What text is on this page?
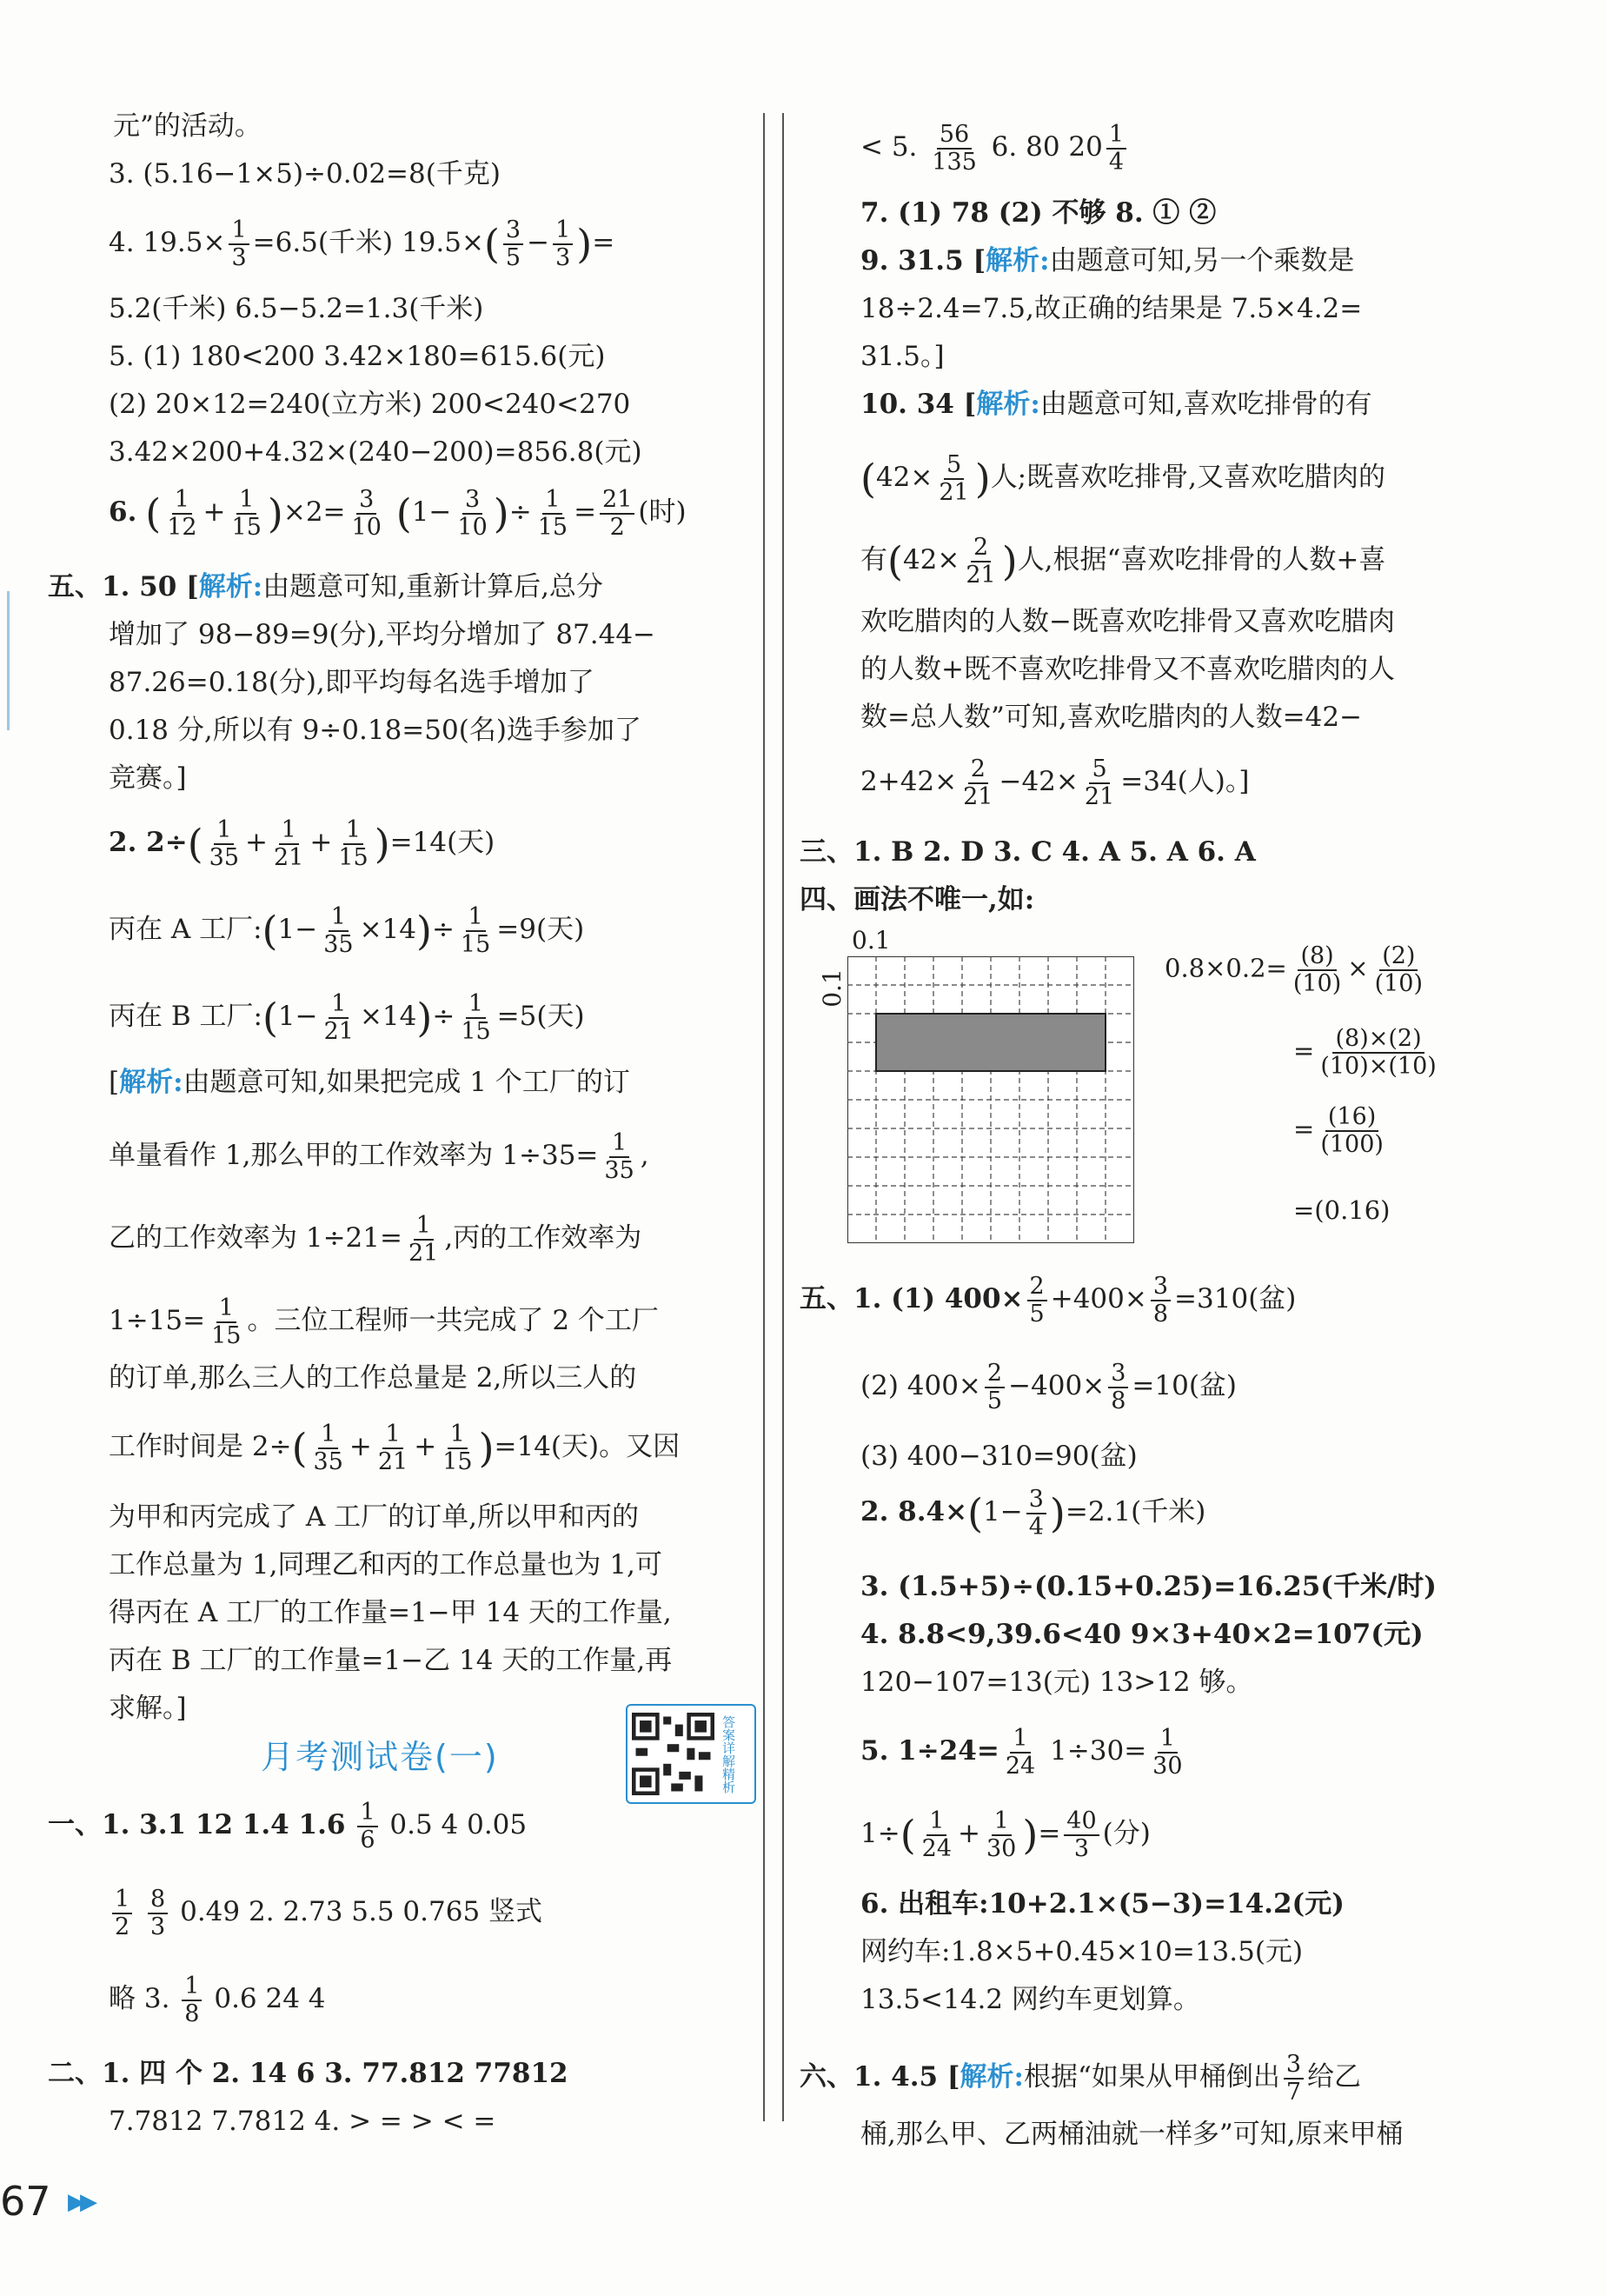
元”的活动。
3. (5.16−1×5)÷0.02=8(千克)
4. $19.5\times \frac{1}{3} =6.5$(千米) $19.5\times( \frac{3}{5} - \frac{1}{3}$ )=
5.2(千米) 6.5−5.2=1.3(千米)
5. (1) 180<200 3.42×180=615.6(元)
(2) 20×12=240(立方米) 200<240<270
3.42×200+4.32×(240−200)=856.8(元)
6. ( $\frac{1}{12} + \frac{1}{15} )\times 2= \frac{3}{10} (1- \frac{3}{10}$ )÷ $\frac{1}{15} = \frac{21}{2}$ (时)
五、1. 50 [解析:由题意可知,重新计算后,总分
增加了 98−89=9(分),平均分增加了 87.44−
87.26=0.18(分),即平均每名选手增加了
0.18 分,所以有 9÷0.18=50(名)选手参加了
竞赛。]
2. $2\div( \frac{1}{35} + \frac{1}{21} + \frac{1}{15} )=14$(天)
丙在 A 工厂:(1− $\frac{1}{35} \times 14)\div \frac{1}{15} =9$(天)
丙在 B 工厂:(1− $\frac{1}{21} \times 14)\div \frac{1}{15} =5$(天)
[解析:由题意可知,如果把完成 1 个工厂的订
单量看作 1,那么甲的工作效率为 $1\div 35= \frac{1}{35}$ ,
乙的工作效率为 $1\div 21= \frac{1}{21}$ ,丙的工作效率为
$1\div 15= \frac{1}{15}$ 。三位工程师一共完成了 2 个工厂
的订单,那么三人的工作总量是 2,所以三人的
工作时间是 $2\div( \frac{1}{35} + \frac{1}{21} + \frac{1}{15} )=14$(天)。又因
为甲和丙完成了 A 工厂的订单,所以甲和丙的
工作总量为 1,同理乙和丙的工作总量也为 1,可
得丙在 A 工厂的工作量=1−甲 14 天的工作量,
丙在 B 工厂的工作量=1−乙 14 天的工作量,再
求解。]
月考测试卷(一)	答案详解精析
一、1. 3.1 12 1.4 $1.6 \frac{1}{6} 0.5$ 4 0.05
$\frac{1}{2}$
$\frac{8}{3} 0.49$ 2. 2.73 5.5 0.765 竖式
略 3. $\frac{1}{8} 0.6$ 24 4
二、1. 四 个 2. 14 6 3. 77.812 77812
7.7812 7.7812 4. > = > < =
< 5. $\frac{56}{135} 6$. 80 $20 \frac{1}{4}$
7. (1) 78 (2) 不够 8. ① ②
9. 31.5 [解析:由题意可知,另一个乘数是
18÷2.4=7.5,故正确的结果是 7.5×4.2=
31.5。]
10. 34 [解析:由题意可知,喜欢吃排骨的有
($42\times \frac{5}{21}$ )人;既喜欢吃排骨,又喜欢吃腊肉的
有($42\times \frac{2}{21}$ )人,根据“喜欢吃排骨的人数+喜
欢吃腊肉的人数−既喜欢吃排骨又喜欢吃腊肉
的人数+既不喜欢吃排骨又不喜欢吃腊肉的人
数=总人数”可知,喜欢吃腊肉的人数=42−
$2+42\times \frac{2}{21} -42\times \frac{5}{21} =34$(人)。]
三、1. B 2. D 3. C 4. A 5. A 6. A
四、画法不唯一,如:
0.1
0.1
$0.8\times 0.2= \frac{(8)}{(10)} \times \frac{(2)}{(10)}$
= $\frac{(8)\times(2)}{(10)\times(10)}$
= $\frac{(16)}{(100)}$
=(0.16)
五、1. (1) $400\times \frac{2}{5} +400\times \frac{3}{8} =310$(盆)
(2) $400\times \frac{2}{5} -400\times \frac{3}{8} =10$(盆)
(3) 400−310=90(盆)
2. $8.4\times(1- \frac{3}{4} )=2.1$(千米)
3. (1.5+5)÷(0.15+0.25)=16.25(千米/时)
4. 8.8<9,39.6<40 9×3+40×2=107(元)
120−107=13(元) 13>12 够。
5. $1\div 24= \frac{1}{24} 1\div 30= \frac{1}{30}$
$1\div( \frac{1}{24} + \frac{1}{30}$ )= $\frac{40}{3}$ (分)
6. 出租车:10+2.1×(5−3)=14.2(元)
网约车:1.8×5+0.45×10=13.5(元)
13.5<14.2 网约车更划算。
六、1. 4.5 [解析:根据“如果从甲桶倒出 $\frac{3}{7}$ 给乙
桶,那么甲、乙两桶油就一样多”可知,原来甲桶
67 ▶▶
